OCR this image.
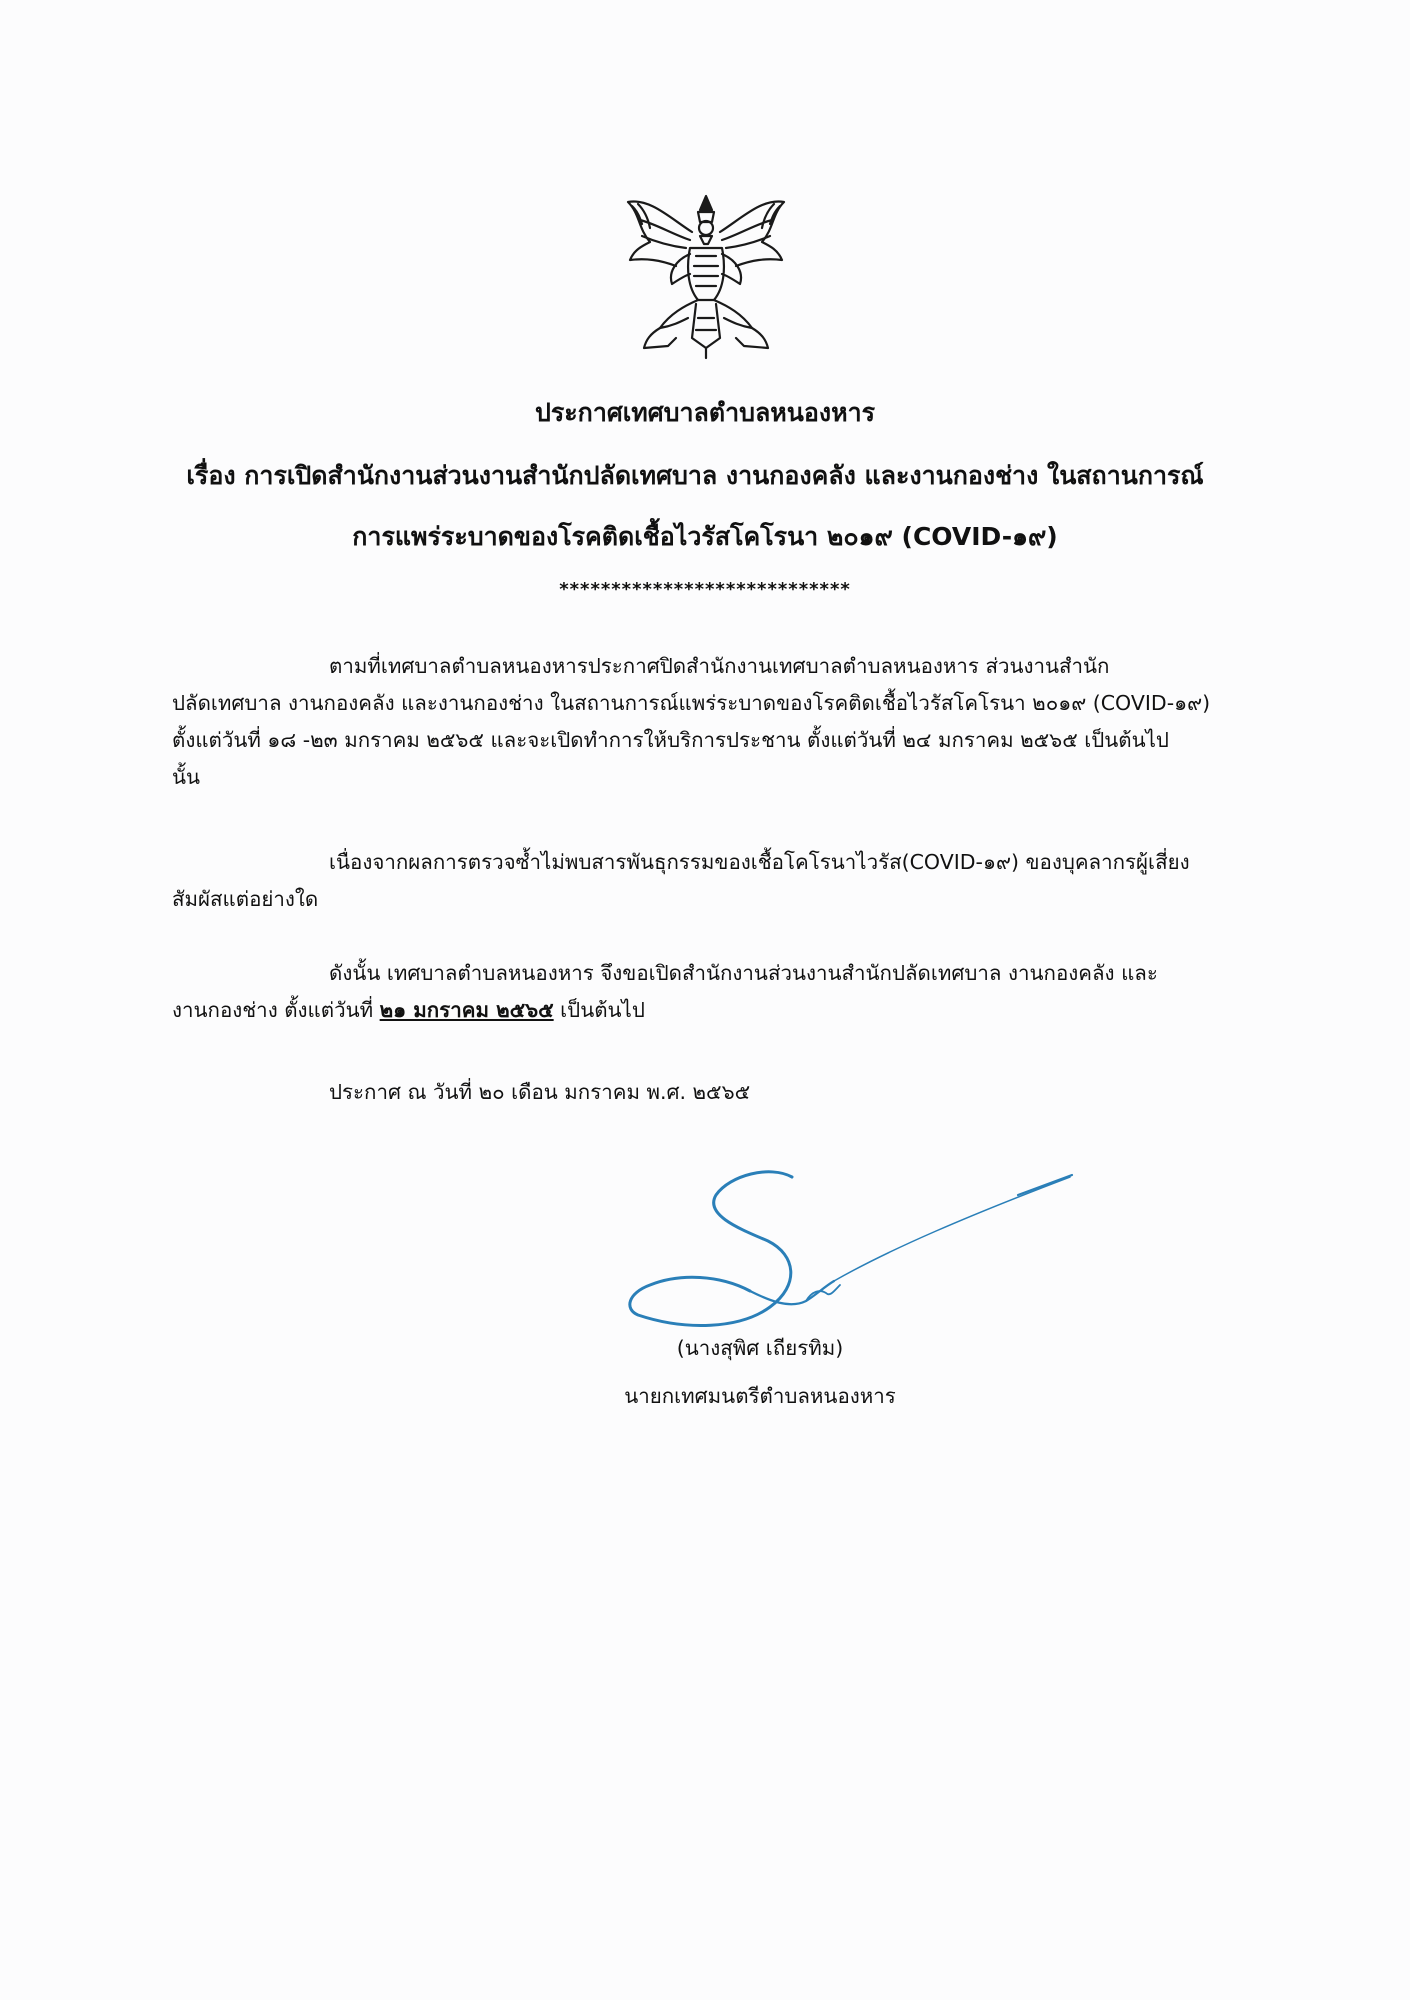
ประกาศเทศบาลตำบลหนองหาร
เรื่อง การเปิดสำนักงานส่วนงานสำนักปลัดเทศบาล งานกองคลัง และงานกองช่าง ในสถานการณ์
การแพร่ระบาดของโรคติดเชื้อไวรัสโคโรนา ๒๐๑๙ (COVID-๑๙)
****************************
ตามที่เทศบาลตำบลหนองหารประกาศปิดสำนักงานเทศบาลตำบลหนองหาร ส่วนงานสำนัก
ปลัดเทศบาล งานกองคลัง และงานกองช่าง ในสถานการณ์แพร่ระบาดของโรคติดเชื้อไวรัสโคโรนา ๒๐๑๙ (COVID-๑๙)
ตั้งแต่วันที่ ๑๘ -๒๓ มกราคม ๒๕๖๕ และจะเปิดทำการให้บริการประชาน ตั้งแต่วันที่ ๒๔ มกราคม ๒๕๖๕ เป็นต้นไป
นั้น
เนื่องจากผลการตรวจซ้ำไม่พบสารพันธุกรรมของเชื้อโคโรนาไวรัส(COVID-๑๙) ของบุคลากรผู้เสี่ยง
สัมผัสแต่อย่างใด
ดังนั้น เทศบาลตำบลหนองหาร จึงขอเปิดสำนักงานส่วนงานสำนักปลัดเทศบาล งานกองคลัง และ
งานกองช่าง ตั้งแต่วันที่ ๒๑ มกราคม ๒๕๖๕ เป็นต้นไป
ประกาศ ณ วันที่ ๒๐ เดือน มกราคม พ.ศ. ๒๕๖๕
(นางสุพิศ เถียรทิม)
นายกเทศมนตรีตำบลหนองหาร
